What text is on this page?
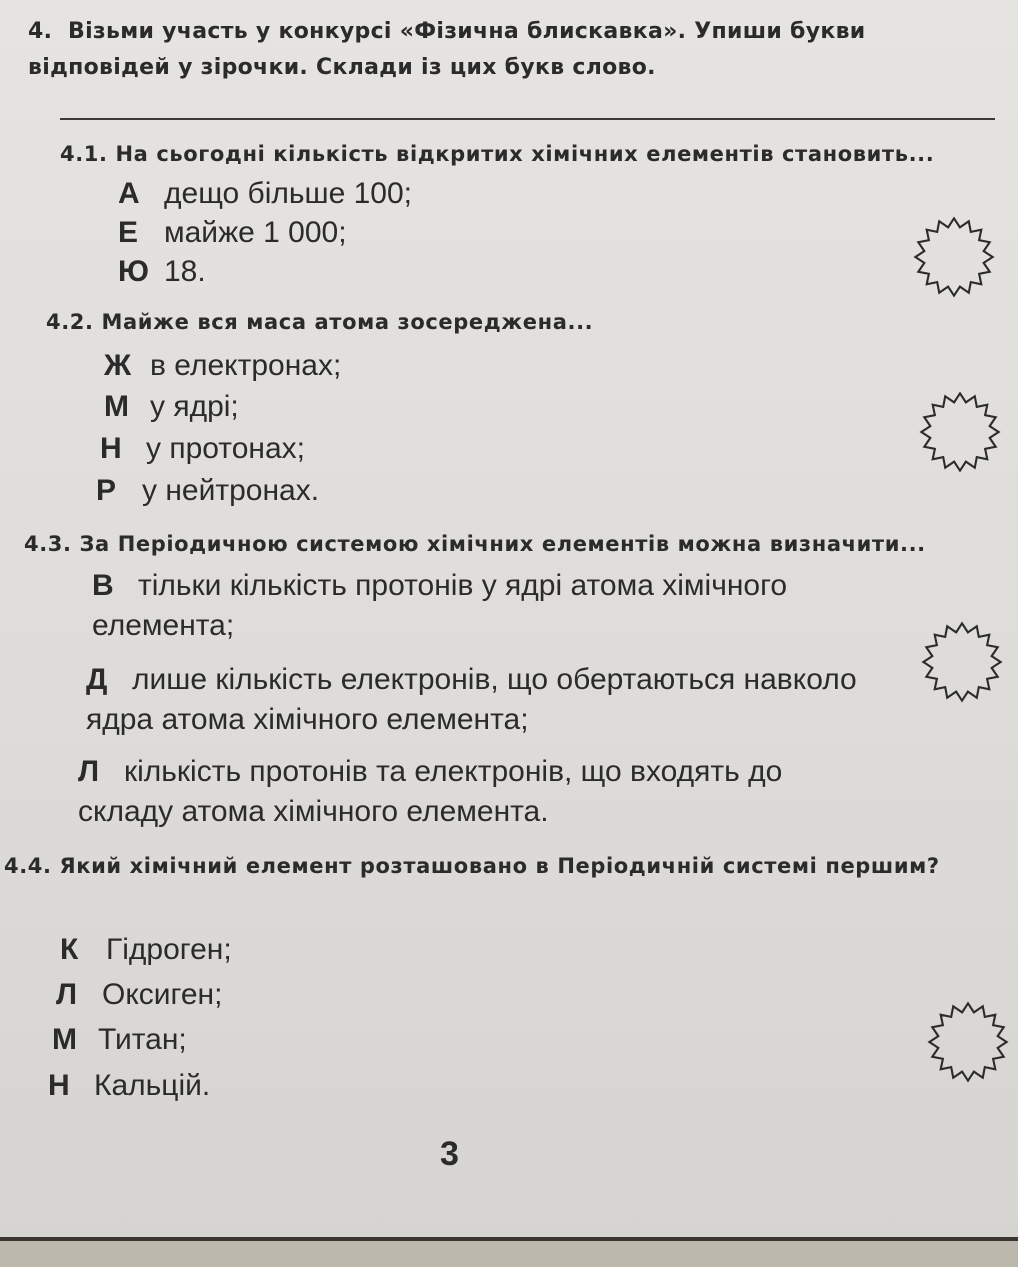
4. Візьми участь у конкурсі «Фізична блискавка». Упиши букви відповідей у зірочки. Склади із цих букв слово.
4.1. На сьогодні кількість відкритих хімічних елементів становить...
А дещо більше 100;
Е майже 1 000;
Ю 18.
4.2. Майже вся маса атома зосереджена...
Ж в електронах;
М у ядрі;
Н у протонах;
Р у нейтронах.
4.3. За Періодичною системою хімічних елементів можна визначити...
В тільки кількість протонів у ядрі атома хімічного елемента;
Д лише кількість електронів, що обертаються навколо ядра атома хімічного елемента;
Л кількість протонів та електронів, що входять до складу атома хімічного елемента.
4.4. Який хімічний елемент розташовано в Періодичній системі першим?
К Гідроген;
Л Оксиген;
М Титан;
Н Кальцій.
3
